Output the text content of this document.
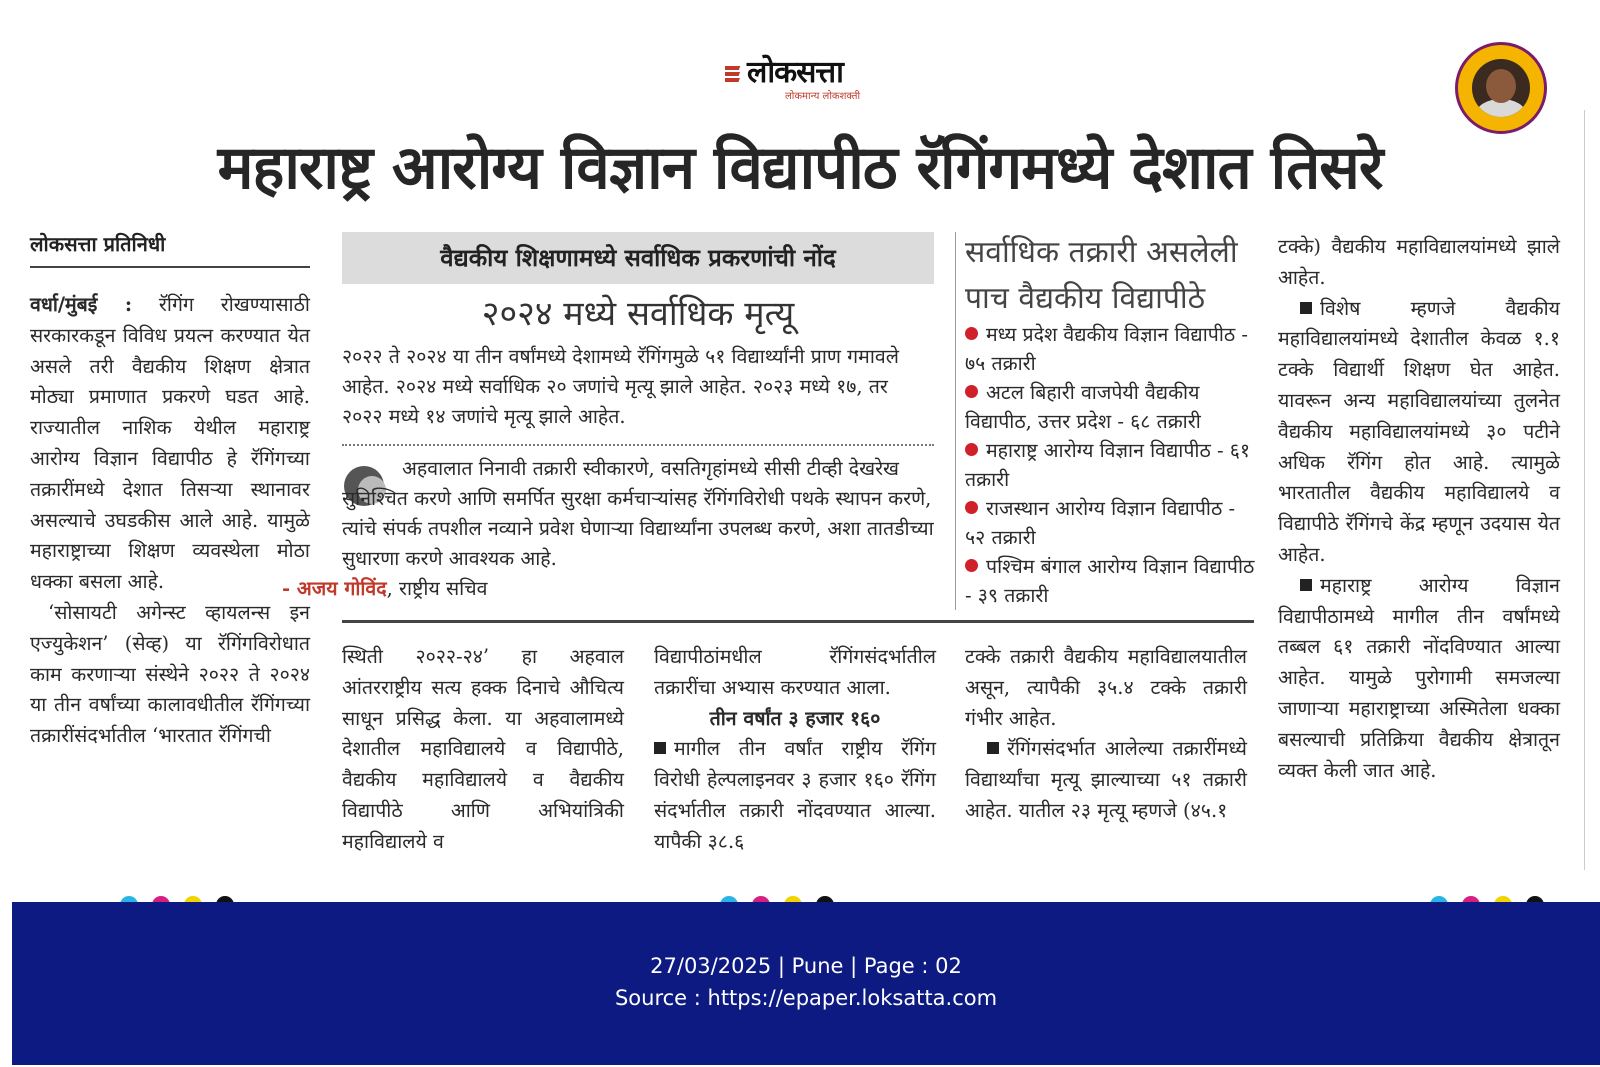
लोकसत्ता
लोकमान्य लोकशक्ती
महाराष्ट्र आरोग्य विज्ञान विद्यापीठ रॅगिंगमध्ये देशात तिसरे
लोकसत्ता प्रतिनिधी
वर्धा/मुंबई : रॅगिंग रोखण्यासाठी सरकारकडून विविध प्रयत्न करण्यात येत असले तरी वैद्यकीय शिक्षण क्षेत्रात मोठ्या प्रमाणात प्रकरणे घडत आहे. राज्यातील नाशिक येथील महाराष्ट्र आरोग्य विज्ञान विद्यापीठ हे रॅगिंगच्या तक्रारींमध्ये देशात तिसऱ्या स्थानावर असल्याचे उघडकीस आले आहे. यामुळे महाराष्ट्राच्या शिक्षण व्यवस्थेला मोठा धक्का बसला आहे.

‘सोसायटी अगेन्स्ट व्हायलन्स इन एज्युकेशन’ (सेव्ह) या रॅगिंगविरोधात काम करणाऱ्या संस्थेने २०२२ ते २०२४ या तीन वर्षांच्या कालावधीतील रॅगिंगच्या तक्रारींसंदर्भातील ‘भारतात रॅगिंगची
वैद्यकीय शिक्षणामध्ये सर्वाधिक प्रकरणांची नोंद
२०२४ मध्ये सर्वाधिक मृत्यू
२०२२ ते २०२४ या तीन वर्षांमध्ये देशामध्ये रॅगिंगमुळे ५१ विद्यार्थ्यांनी प्राण गमावले आहेत. २०२४ मध्ये सर्वाधिक २० जणांचे मृत्यू झाले आहेत. २०२३ मध्ये १७, तर २०२२ मध्ये १४ जणांचे मृत्यू झाले आहेत.
अहवालात निनावी तक्रारी स्वीकारणे, वसतिगृहांमध्ये सीसी टीव्ही देखरेख सुनिश्चित करणे आणि समर्पित सुरक्षा कर्मचाऱ्यांसह रॅगिंगविरोधी पथके स्थापन करणे, त्यांचे संपर्क तपशील नव्याने प्रवेश घेणाऱ्या विद्यार्थ्यांना उपलब्ध करणे, अशा तातडीच्या सुधारणा करणे आवश्यक आहे.
- अजय गोविंद, राष्ट्रीय सचिव
सर्वाधिक तक्रारी असलेली पाच वैद्यकीय विद्यापीठे
मध्य प्रदेश वैद्यकीय विज्ञान विद्यापीठ - ७५ तक्रारी
अटल बिहारी वाजपेयी वैद्यकीय विद्यापीठ, उत्तर प्रदेश - ६८ तक्रारी
महाराष्ट्र आरोग्य विज्ञान विद्यापीठ - ६१ तक्रारी
राजस्थान आरोग्य विज्ञान विद्यापीठ - ५२ तक्रारी
पश्चिम बंगाल आरोग्य विज्ञान विद्यापीठ - ३९ तक्रारी
स्थिती २०२२-२४’ हा अहवाल आंतरराष्ट्रीय सत्य हक्क दिनाचे औचित्य साधून प्रसिद्ध केला. या अहवालामध्ये देशातील महाविद्यालये व विद्यापीठे, वैद्यकीय महाविद्यालये व वैद्यकीय विद्यापीठे आणि अभियांत्रिकी महाविद्यालये व
विद्यापीठांमधील रॅगिंगसंदर्भातील तक्रारींचा अभ्यास करण्यात आला.
तीन वर्षांत ३ हजार १६०
मागील तीन वर्षांत राष्ट्रीय रॅगिंग विरोधी हेल्पलाइनवर ३ हजार १६० रॅगिंग संदर्भातील तक्रारी नोंदवण्यात आल्या. यापैकी ३८.६
टक्के तक्रारी वैद्यकीय महाविद्यालयातील असून, त्यापैकी ३५.४ टक्के तक्रारी गंभीर आहेत.
रॅगिंगसंदर्भात आलेल्या तक्रारींमध्ये विद्यार्थ्यांचा मृत्यू झाल्याच्या ५१ तक्रारी आहेत. यातील २३ मृत्यू म्हणजे (४५.१
टक्के) वैद्यकीय महाविद्यालयांमध्ये झाले आहेत.
विशेष म्हणजे वैद्यकीय महाविद्यालयांमध्ये देशातील केवळ १.१ टक्के विद्यार्थी शिक्षण घेत आहेत. यावरून अन्य महाविद्यालयांच्या तुलनेत वैद्यकीय महाविद्यालयांमध्ये ३० पटीने अधिक रॅगिंग होत आहे. त्यामुळे भारतातील वैद्यकीय महाविद्यालये व विद्यापीठे रॅगिंगचे केंद्र म्हणून उदयास येत आहेत.
महाराष्ट्र आरोग्य विज्ञान विद्यापीठामध्ये मागील तीन वर्षांमध्ये तब्बल ६१ तक्रारी नोंदविण्यात आल्या आहेत. यामुळे पुरोगामी समजल्या जाणाऱ्या महाराष्ट्राच्या अस्मितेला धक्का बसल्याची प्रतिक्रिया वैद्यकीय क्षेत्रातून व्यक्त केली जात आहे.
27/03/2025 | Pune | Page : 02
Source : https://epaper.loksatta.com
